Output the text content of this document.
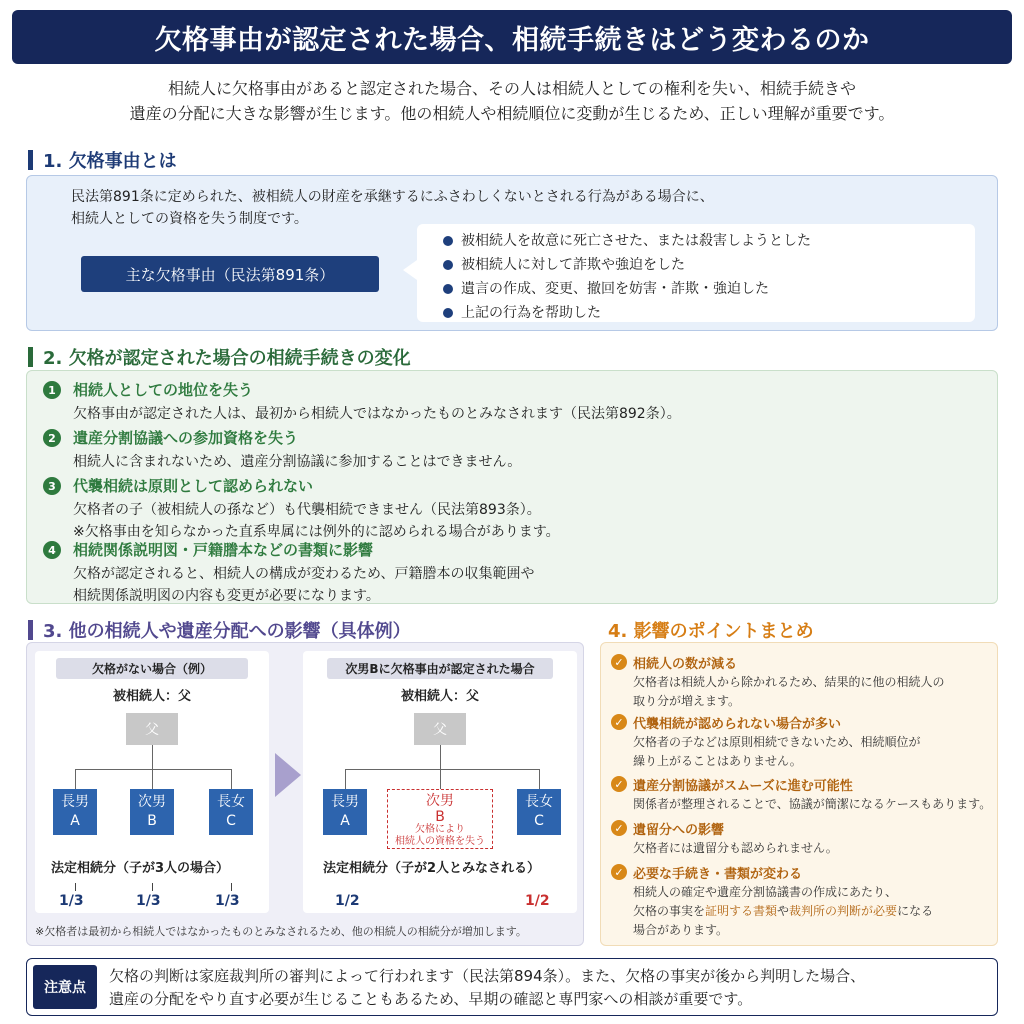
欠格事由が認定された場合、相続手続きはどう変わるのか
相続人に欠格事由があると認定された場合、その人は相続人としての権利を失い、相続手続きや
遺産の分配に大きな影響が生じます。他の相続人や相続順位に変動が生じるため、正しい理解が重要です。
1. 欠格事由とは
民法第891条に定められた、被相続人の財産を承継するにふさわしくないとされる行為がある場合に、
相続人としての資格を失う制度です。
主な欠格事由（民法第891条）
被相続人を故意に死亡させた、または殺害しようとした
被相続人に対して詐欺や強迫をした
遺言の作成、変更、撤回を妨害・詐欺・強迫した
上記の行為を帮助した
2. 欠格が認定された場合の相続手続きの変化
1	相続人としての地位を失う
欠格事由が認定された人は、最初から相続人ではなかったものとみなされます（民法第892条）。
2	遺産分割協議への参加資格を失う
相続人に含まれないため、遺産分割協議に参加することはできません。
3	代襲相続は原則として認められない
欠格者の子（被相続人の孫など）も代襲相続できません（民法第893条）。
※欠格事由を知らなかった直系卑属には例外的に認められる場合があります。
4	相続関係説明図・戸籍謄本などの書類に影響
欠格が認定されると、相続人の構成が変わるため、戸籍謄本の収集範囲や
相続関係説明図の内容も変更が必要になります。
3. 他の相続人や遺産分配への影響（具体例）
欠格がない場合（例）
被相続人：父
父
長男
A
次男
B
長女
C
法定相続分（子が3人の場合）
1/3	1/3	1/3
次男Bに欠格事由が認定された場合
被相続人：父
父
長男
A
次男
B
欠格により
相続人の資格を失う
長女
C
法定相続分（子が2人とみなされる）
1/2	1/2
※欠格者は最初から相続人ではなかったものとみなされるため、他の相続人の相続分が増加します。
4. 影響のポイントまとめ
✓ 相続人の数が減る
欠格者は相続人から除かれるため、結果的に他の相続人の
取り分が増えます。
✓ 代襲相続が認められない場合が多い
欠格者の子などは原則相続できないため、相続順位が
繰り上がることはありません。
✓ 遺産分割協議がスムーズに進む可能性
関係者が整理されることで、協議が簡潔になるケースもあります。
✓ 遺留分への影響
欠格者には遺留分も認められません。
✓ 必要な手続き・書類が変わる
相続人の確定や遺産分割協議書の作成にあたり、
欠格の事実を証明する書類や裁判所の判断が必要になる
場合があります。
注意点
欠格の判断は家庭裁判所の審判によって行われます（民法第894条）。また、欠格の事実が後から判明した場合、
遺産の分配をやり直す必要が生じることもあるため、早期の確認と専門家への相談が重要です。
